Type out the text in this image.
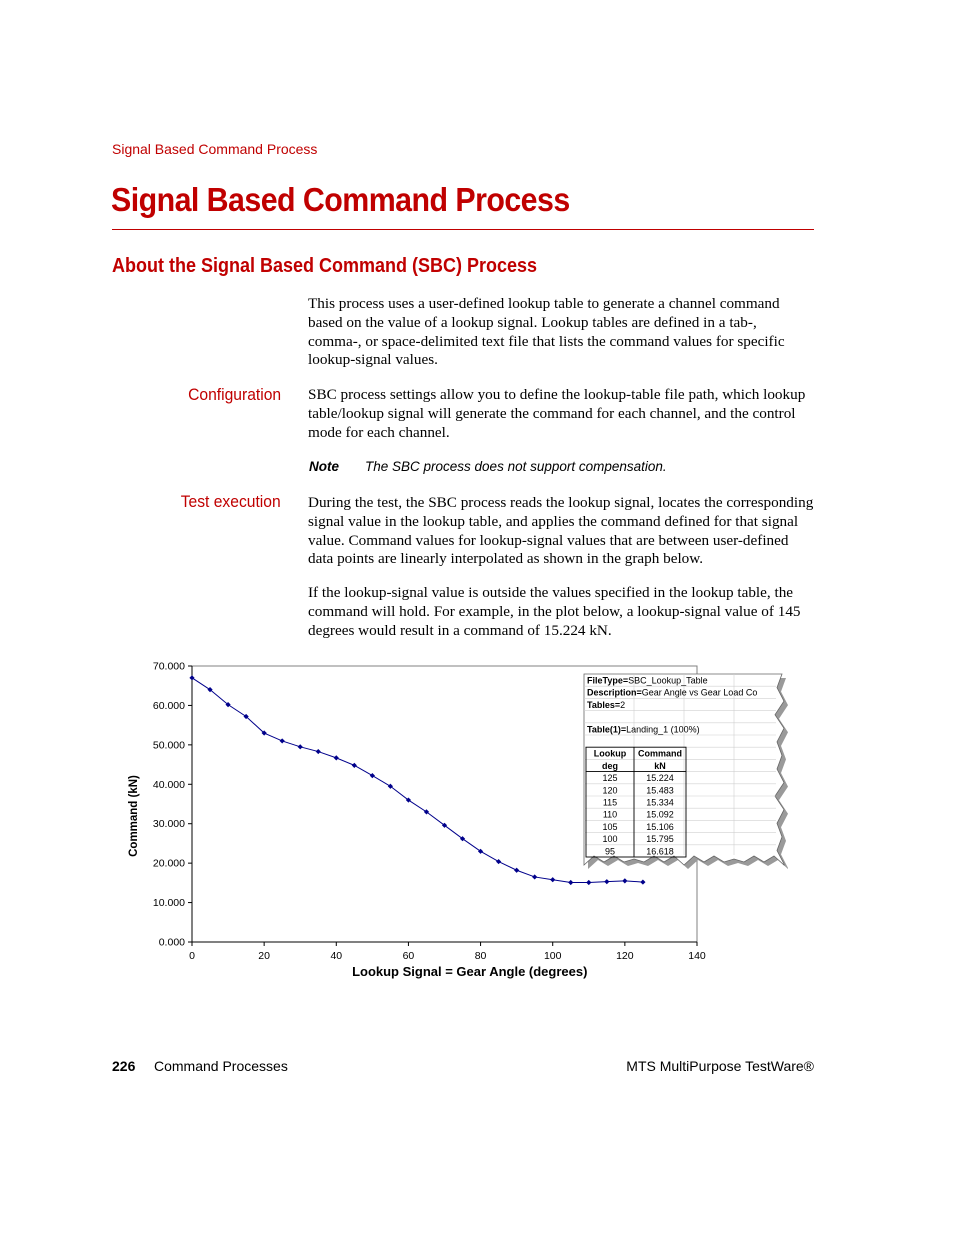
Signal Based Command Process
Signal Based Command Process
About the Signal Based Command (SBC) Process
This process uses a user-defined lookup table to generate a channel command based on the value of a lookup signal. Lookup tables are defined in a tab-, comma-, or space-delimited text file that lists the command values for specific lookup-signal values.
Configuration SBC process settings allow you to define the lookup-table file path, which lookup table/lookup signal will generate the command for each channel, and the control mode for each channel.
Note The SBC process does not support compensation.
Test execution During the test, the SBC process reads the lookup signal, locates the corresponding signal value in the lookup table, and applies the command defined for that signal value. Command values for lookup-signal values that are between user-defined data points are linearly interpolated as shown in the graph below.
If the lookup-signal value is outside the values specified in the lookup table, the command will hold. For example, in the plot below, a lookup-signal value of 145 degrees would result in a command of 15.224 kN.
0.000
10.000
20.000
30.000
40.000
50.000
60.000
70.000
0	20	40	60	80	100	120	140
Lookup Signal = Gear Angle (degrees)
Command (kN)
FileType=SBC_Lookup_Table
Description=Gear Angle vs Gear Load Co
Tables=2
Table(1)=Landing_1 (100%)
Lookup
deg
Command
kN
125	15.224
120	15.483
115	15.334
110	15.092
105	15.106
100	15.795
95	16.618
226 Command Processes	MTS MultiPurpose TestWare®
